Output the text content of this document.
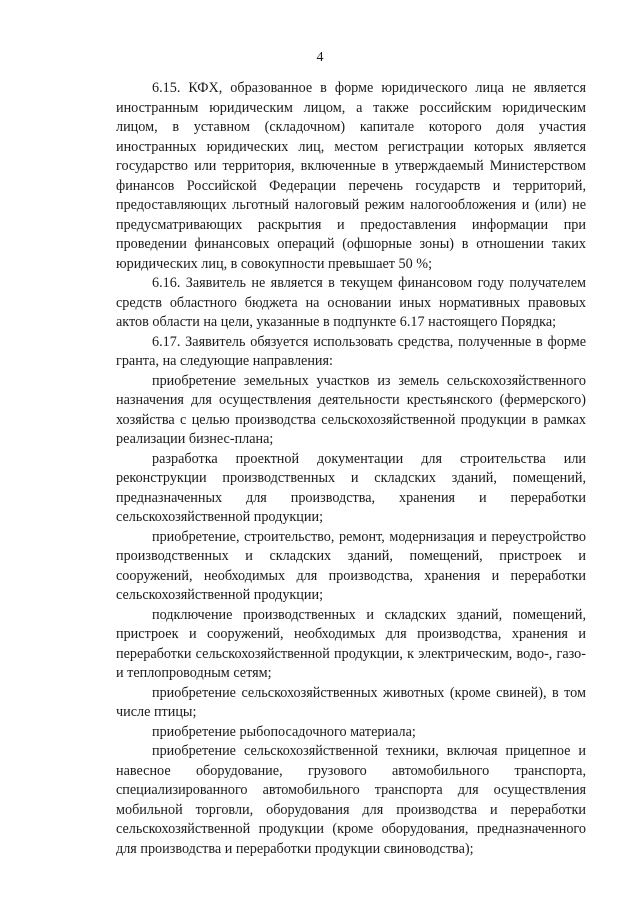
4

6.15. КФХ, образованное в форме юридического лица не является иностранным юридическим лицом, а также российским юридическим лицом, в уставном (складочном) капитале которого доля участия иностранных юридических лиц, местом регистрации которых является государство или территория, включенные в утверждаемый Министерством финансов Российской Федерации перечень государств и территорий, предоставляющих льготный налоговый режим налогообложения и (или) не предусматривающих раскрытия и предоставления информации при проведении финансовых операций (офшорные зоны) в отношении таких юридических лиц, в совокупности превышает 50 %;

6.16. Заявитель не является в текущем финансовом году получателем средств областного бюджета на основании иных нормативных правовых актов области на цели, указанные в подпункте 6.17 настоящего Порядка;

6.17. Заявитель обязуется использовать средства, полученные в форме гранта, на следующие направления:

приобретение земельных участков из земель сельскохозяйственного назначения для осуществления деятельности крестьянского (фермерского) хозяйства с целью производства сельскохозяйственной продукции в рамках реализации бизнес-плана;

разработка проектной документации для строительства или реконструкции производственных и складских зданий, помещений, предназначенных для производства, хранения и переработки сельскохозяйственной продукции;

приобретение, строительство, ремонт, модернизация и переустройство производственных и складских зданий, помещений, пристроек и сооружений, необходимых для производства, хранения и переработки сельскохозяйственной продукции;

подключение производственных и складских зданий, помещений, пристроек и сооружений, необходимых для производства, хранения и переработки сельскохозяйственной продукции, к электрическим, водо-, газо- и теплопроводным сетям;

приобретение сельскохозяйственных животных (кроме свиней), в том числе птицы;

приобретение рыбопосадочного материала;

приобретение сельскохозяйственной техники, включая прицепное и навесное оборудование, грузового автомобильного транспорта, специализированного автомобильного транспорта для осуществления мобильной торговли, оборудования для производства и переработки сельскохозяйственной продукции (кроме оборудования, предназначенного для производства и переработки продукции свиноводства);
